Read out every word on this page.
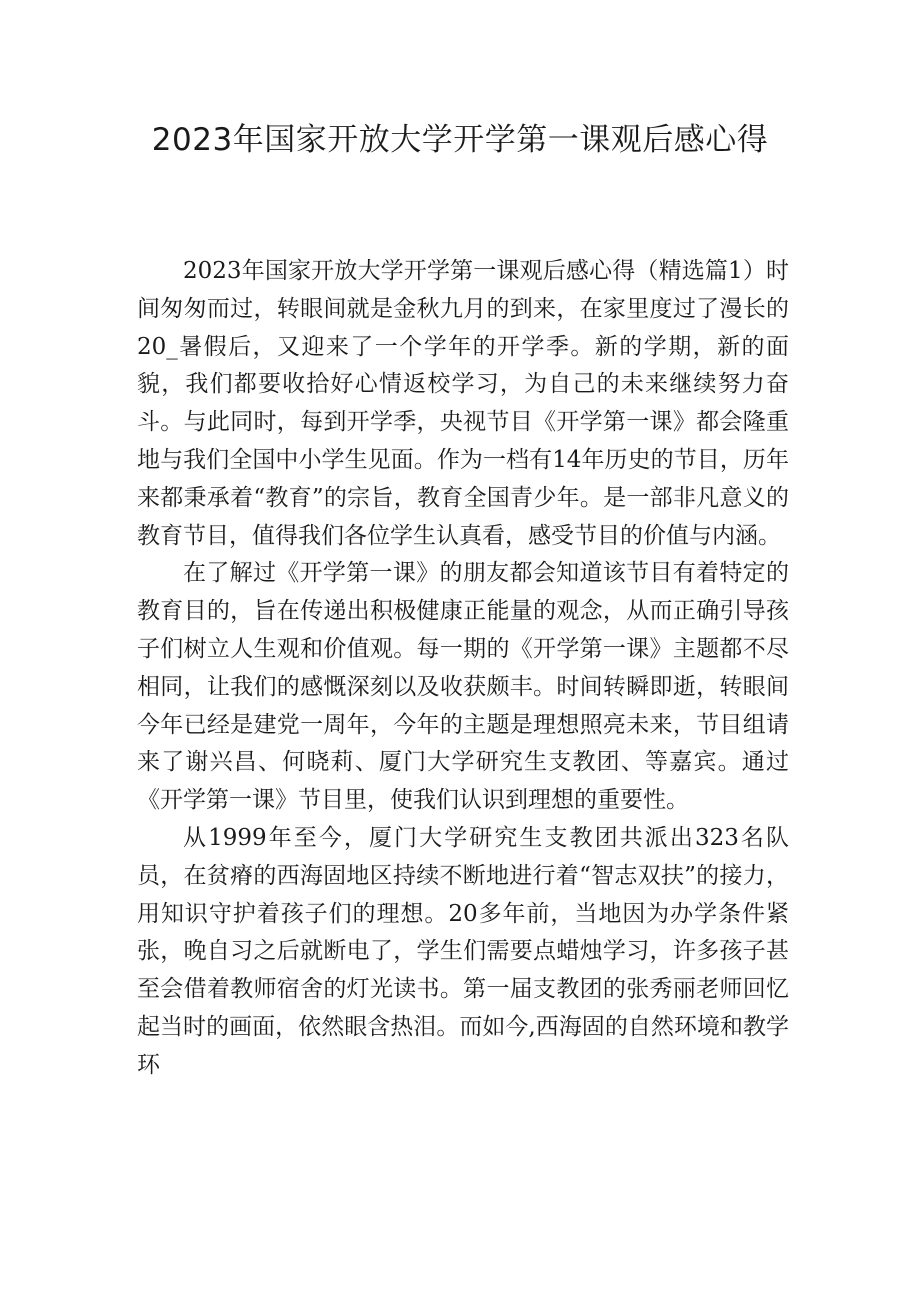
2023年国家开放大学开学第一课观后感心得

2023年国家开放大学开学第一课观后感心得（精选篇1）时间匆匆而过，转眼间就是金秋九月的到来，在家里度过了漫长的20_暑假后，又迎来了一个学年的开学季。新的学期，新的面貌，我们都要收拾好心情返校学习，为自己的未来继续努力奋斗。与此同时，每到开学季，央视节目《开学第一课》都会隆重地与我们全国中小学生见面。作为一档有14年历史的节目，历年来都秉承着“教育”的宗旨，教育全国青少年。是一部非凡意义的教育节目，值得我们各位学生认真看，感受节目的价值与内涵。

在了解过《开学第一课》的朋友都会知道该节目有着特定的教育目的，旨在传递出积极健康正能量的观念，从而正确引导孩子们树立人生观和价值观。每一期的《开学第一课》主题都不尽相同，让我们的感慨深刻以及收获颇丰。时间转瞬即逝，转眼间今年已经是建党一周年，今年的主题是理想照亮未来，节目组请来了谢兴昌、何晓莉、厦门大学研究生支教团、等嘉宾。通过《开学第一课》节目里，使我们认识到理想的重要性。

从1999年至今，厦门大学研究生支教团共派出323名队员，在贫瘠的西海固地区持续不断地进行着“智志双扶”的接力，用知识守护着孩子们的理想。20多年前，当地因为办学条件紧张，晚自习之后就断电了，学生们需要点蜡烛学习，许多孩子甚至会借着教师宿舍的灯光读书。第一届支教团的张秀丽老师回忆起当时的画面，依然眼含热泪。而如今,西海固的自然环境和教学环
